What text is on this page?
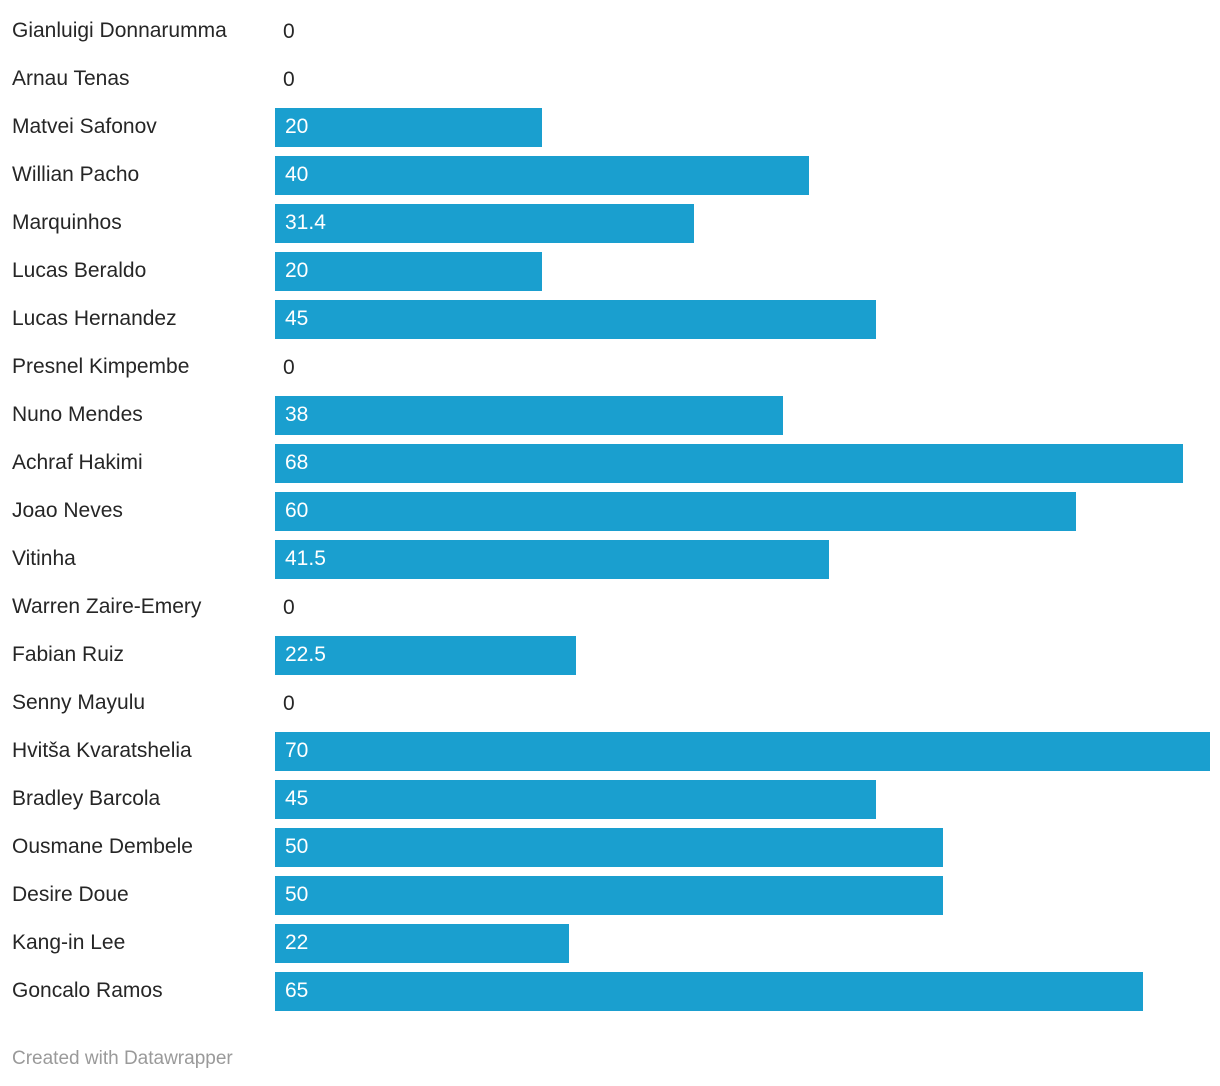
Gianluigi Donnarumma	0
Arnau Tenas	0
Matvei Safonov	20
Willian Pacho	40
Marquinhos	31.4
Lucas Beraldo	20
Lucas Hernandez	45
Presnel Kimpembe	0
Nuno Mendes	38
Achraf Hakimi	68
Joao Neves	60
Vitinha	41.5
Warren Zaire-Emery	0
Fabian Ruiz	22.5
Senny Mayulu	0
Hvitša Kvaratshelia	70
Bradley Barcola	45
Ousmane Dembele	50
Desire Doue	50
Kang-in Lee	22
Goncalo Ramos	65
Created with Datawrapper
